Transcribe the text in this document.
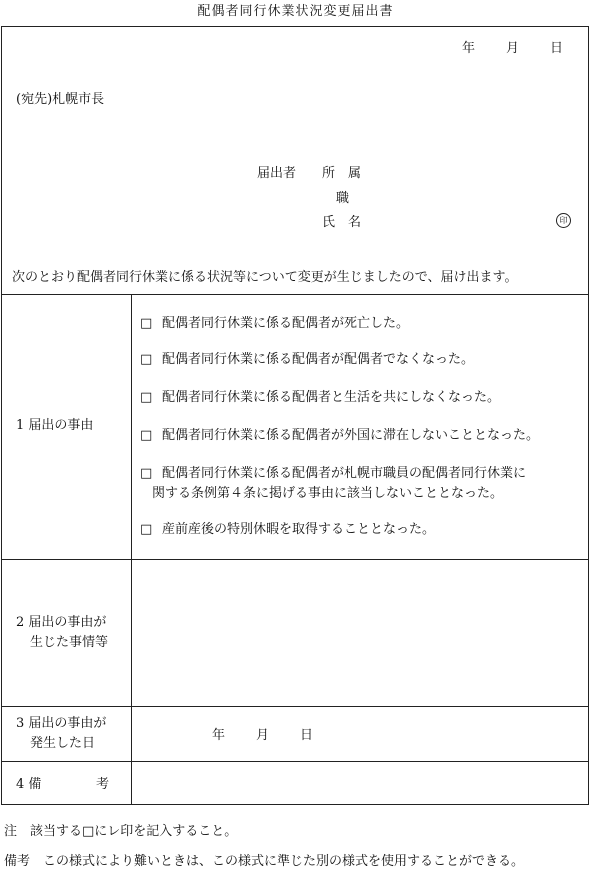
配偶者同行休業状況変更届出書
年 月 日
(宛先)札幌市長
届出者 所　属
職
氏　名	印
次のとおり配偶者同行休業に係る状況等について変更が生じましたので、届け出ます。
1 届出の事由
□ 配偶者同行休業に係る配偶者が死亡した。
□ 配偶者同行休業に係る配偶者が配偶者でなくなった。
□ 配偶者同行休業に係る配偶者と生活を共にしなくなった。
□ 配偶者同行休業に係る配偶者が外国に滞在しないこととなった。
□ 配偶者同行休業に係る配偶者が札幌市職員の配偶者同行休業に
関する条例第４条に掲げる事由に該当しないこととなった。
□ 産前産後の特別休暇を取得することとなった。
2 届出の事由が
生じた事情等
3 届出の事由が
発生した日
年 月 日
4 備	考
注　該当する□にレ印を記入すること。
備考　この様式により難いときは、この様式に準じた別の様式を使用することができる。
